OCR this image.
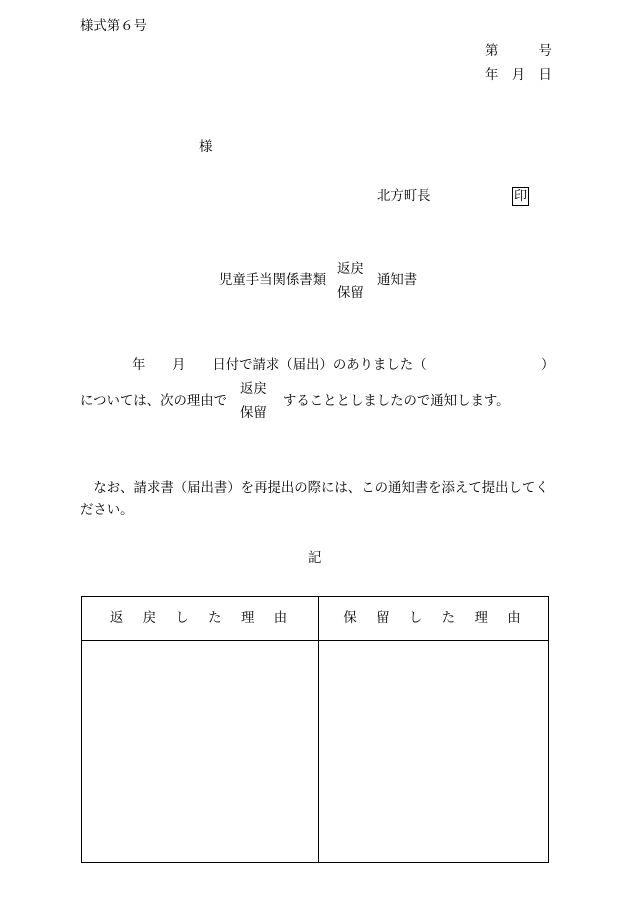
様式第６号
第　　　号
年　月　日
様
北方町長	印
児童手当関係書類
返戻
保留
通知書
年　　月　　日付で請求（届出）のありました（	）
については、次の理由で
返戻
保留
することとしましたので通知します。
　なお、請求書（届出書）を再提出の際には、この通知書を添えて提出してく
ださい。
記
返　戻　し　た　理　由	保　留　し　た　理　由
